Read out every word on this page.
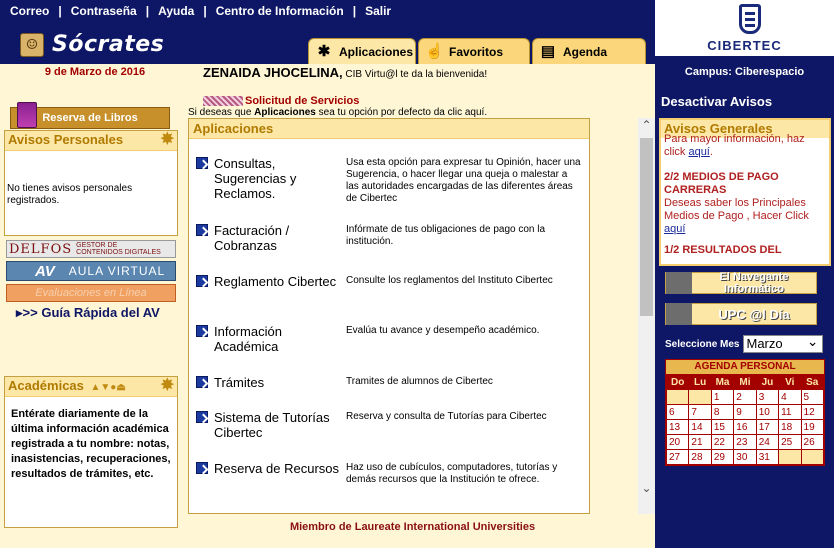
Correo | Contraseña | Ayuda | Centro de Información | Salir
☺ Sócrates	✱ Aplicaciones ☝ Favoritos	▤ Agenda	CIBERTEC
9 de Marzo de 2016	ZENAIDA JHOCELINA, CIB Virtu@l te da la bienvenida!
Solicitud de Servicios
Si deseas que Aplicaciones sea tu opción por defecto da clic aquí.
Reserva de Libros
Avisos Personales ✸
No tienes avisos personales registrados.
DELFOS GESTOR DE
CONTENIDOS DIGITALES
AV AULA VIRTUAL
Evaluaciones en Línea
▸>> Guía Rápida del AV
Académicas ▲▼●⏏ ✸
Entérate diariamente de la última información académica registrada a tu nombre: notas, inasistencias, recuperaciones, resultados de trámites, etc.
Aplicaciones
Consultas, Sugerencias y Reclamos.
Usa esta opción para expresar tu Opinión, hacer una Sugerencia, o hacer llegar una queja o malestar a las autoridades encargadas de las diferentes áreas de Cibertec
Facturación / Cobranzas
Infórmate de tus obligaciones de pago con la institución.
Reglamento Cibertec Consulte los reglamentos del Instituto Cibertec
Información Académica
Evalúa tu avance y desempeño académico.
Trámites	Tramites de alumnos de Cibertec
Sistema de Tutorías Cibertec
Reserva y consulta de Tutorías para Cibertec
Reserva de Recursos Haz uso de cubículos, computadores, tutorías y demás recursos que la Institución te ofrece.
⌃
⌄
Miembro de Laureate International Universities
Campus: Ciberespacio
Desactivar Avisos
Avisos Generales
Para mayor información, haz
click aquí.
2/2 MEDIOS DE PAGO CARRERAS
Deseas saber los Principales Medios de Pago , Hacer Click aquí
1/2 RESULTADOS DEL
El Navegante Informático
UPC @l Día
Seleccione Mes Marzo ⌄
AGENDA PERSONAL
Do	Lu	Ma	Mi	Ju	Vi	Sa
		1	2	3	4	5
6	7	8	9	10	11	12
13	14	15	16	17	18	19
20	21	22	23	24	25	26
27	28	29	30	31		
